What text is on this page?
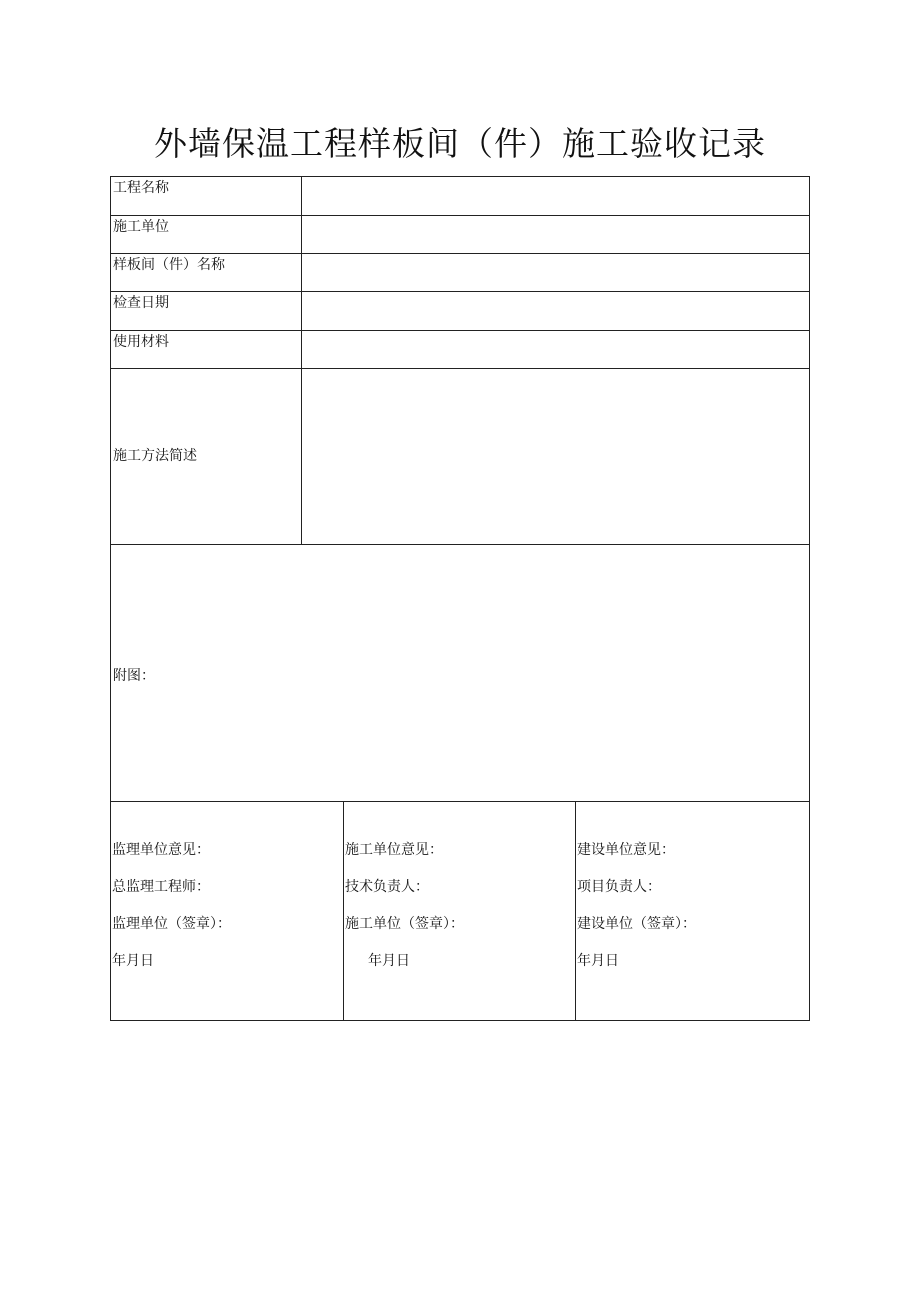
外墙保温工程样板间（件）施工验收记录
工程名称
施工单位
样板间（件）名称
检查日期
使用材料
施工方法简述
附图：
监理单位意见：
总监理工程师：
监理单位（签章）：
年月日
施工单位意见：
技术负责人：
施工单位（签章）：
年月日
建设单位意见：
项目负责人：
建设单位（签章）：
年月日
